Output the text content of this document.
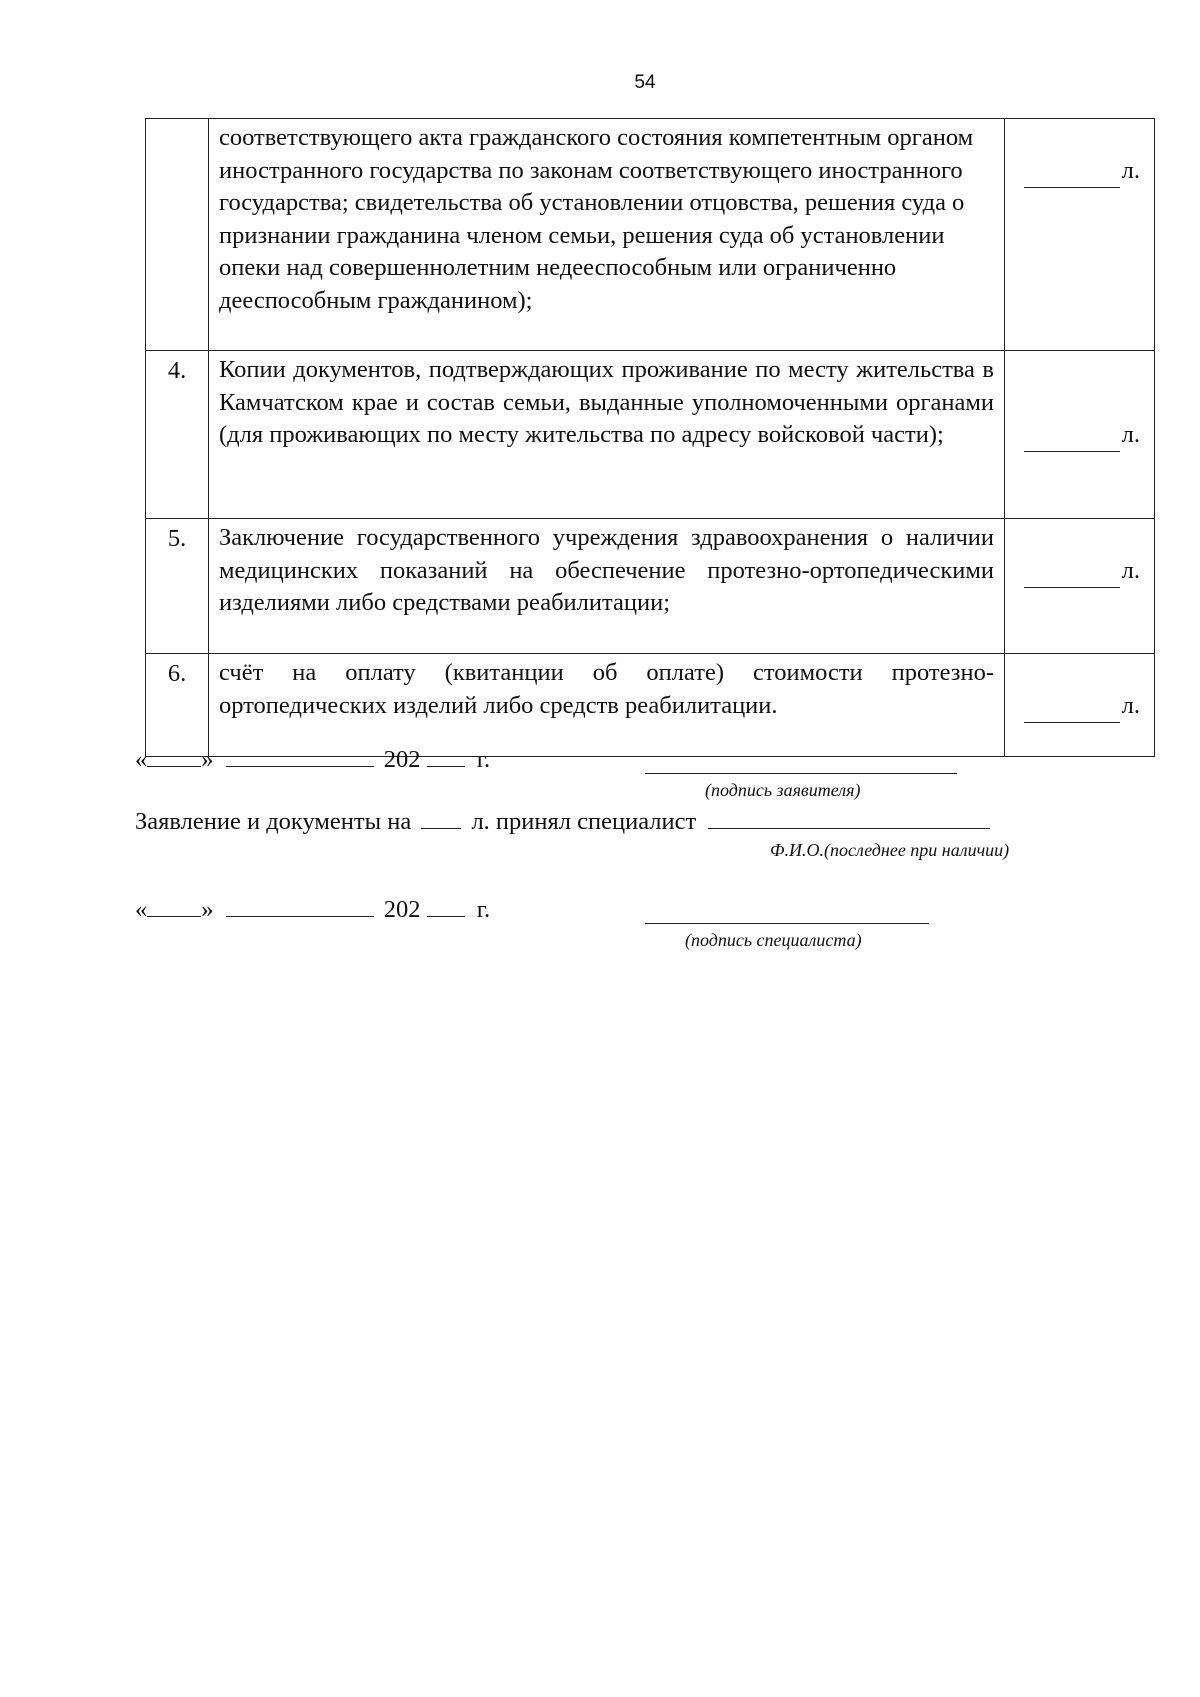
54
	соответствующего акта гражданского состояния компетентным органом иностранного государства по законам соответствующего иностранного государства; свидетельства об установлении отцовства, решения суда о признании гражданина членом семьи, решения суда об установлении опеки над совершеннолетним недееспособным или ограниченно дееспособным гражданином);	л.

4.	Копии документов, подтверждающих проживание по месту жительства в Камчатском крае и состав семьи, выданные уполномоченными органами (для проживающих по месту жительства по адресу войсковой части);	л.

5.	Заключение государственного учреждения здравоохранения о наличии медицинских показаний на обеспечение протезно-ортопедическими изделиями либо средствами реабилитации;	л.

6.	счёт на оплату (квитанции об оплате) стоимости протезно-ортопедических изделий либо средств реабилитации.	л.
« »	202 г.
(подпись заявителя)
Заявление и документы на л. принял специалист
Ф.И.О.(последнее при наличии)
« »	202 г.
(подпись специалиста)
